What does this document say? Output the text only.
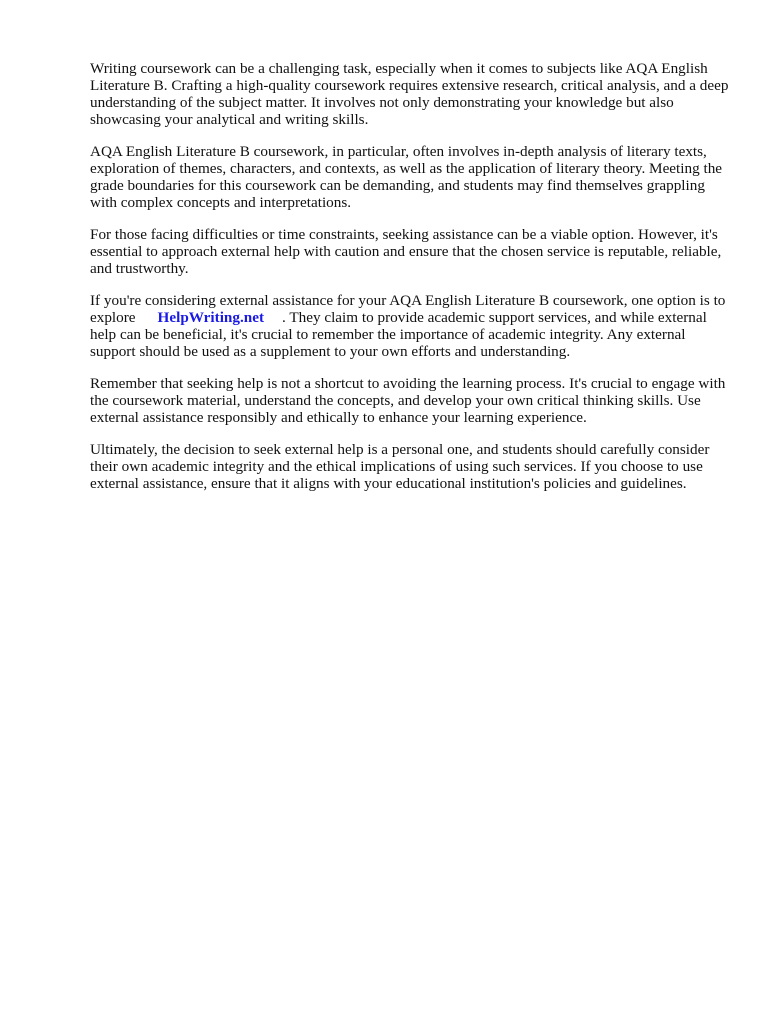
Writing coursework can be a challenging task, especially when it comes to subjects like AQA English Literature B. Crafting a high-quality coursework requires extensive research, critical analysis, and a deep understanding of the subject matter. It involves not only demonstrating your knowledge but also showcasing your analytical and writing skills.

AQA English Literature B coursework, in particular, often involves in-depth analysis of literary texts, exploration of themes, characters, and contexts, as well as the application of literary theory. Meeting the grade boundaries for this coursework can be demanding, and students may find themselves grappling with complex concepts and interpretations.

For those facing difficulties or time constraints, seeking assistance can be a viable option. However, it's essential to approach external help with caution and ensure that the chosen service is reputable, reliable, and trustworthy.

If you're considering external assistance for your AQA English Literature B coursework, one option is to explore HelpWriting.net . They claim to provide academic support services, and while external help can be beneficial, it's crucial to remember the importance of academic integrity. Any external support should be used as a supplement to your own efforts and understanding.

Remember that seeking help is not a shortcut to avoiding the learning process. It's crucial to engage with the coursework material, understand the concepts, and develop your own critical thinking skills. Use external assistance responsibly and ethically to enhance your learning experience.

Ultimately, the decision to seek external help is a personal one, and students should carefully consider their own academic integrity and the ethical implications of using such services. If you choose to use external assistance, ensure that it aligns with your educational institution's policies and guidelines.
